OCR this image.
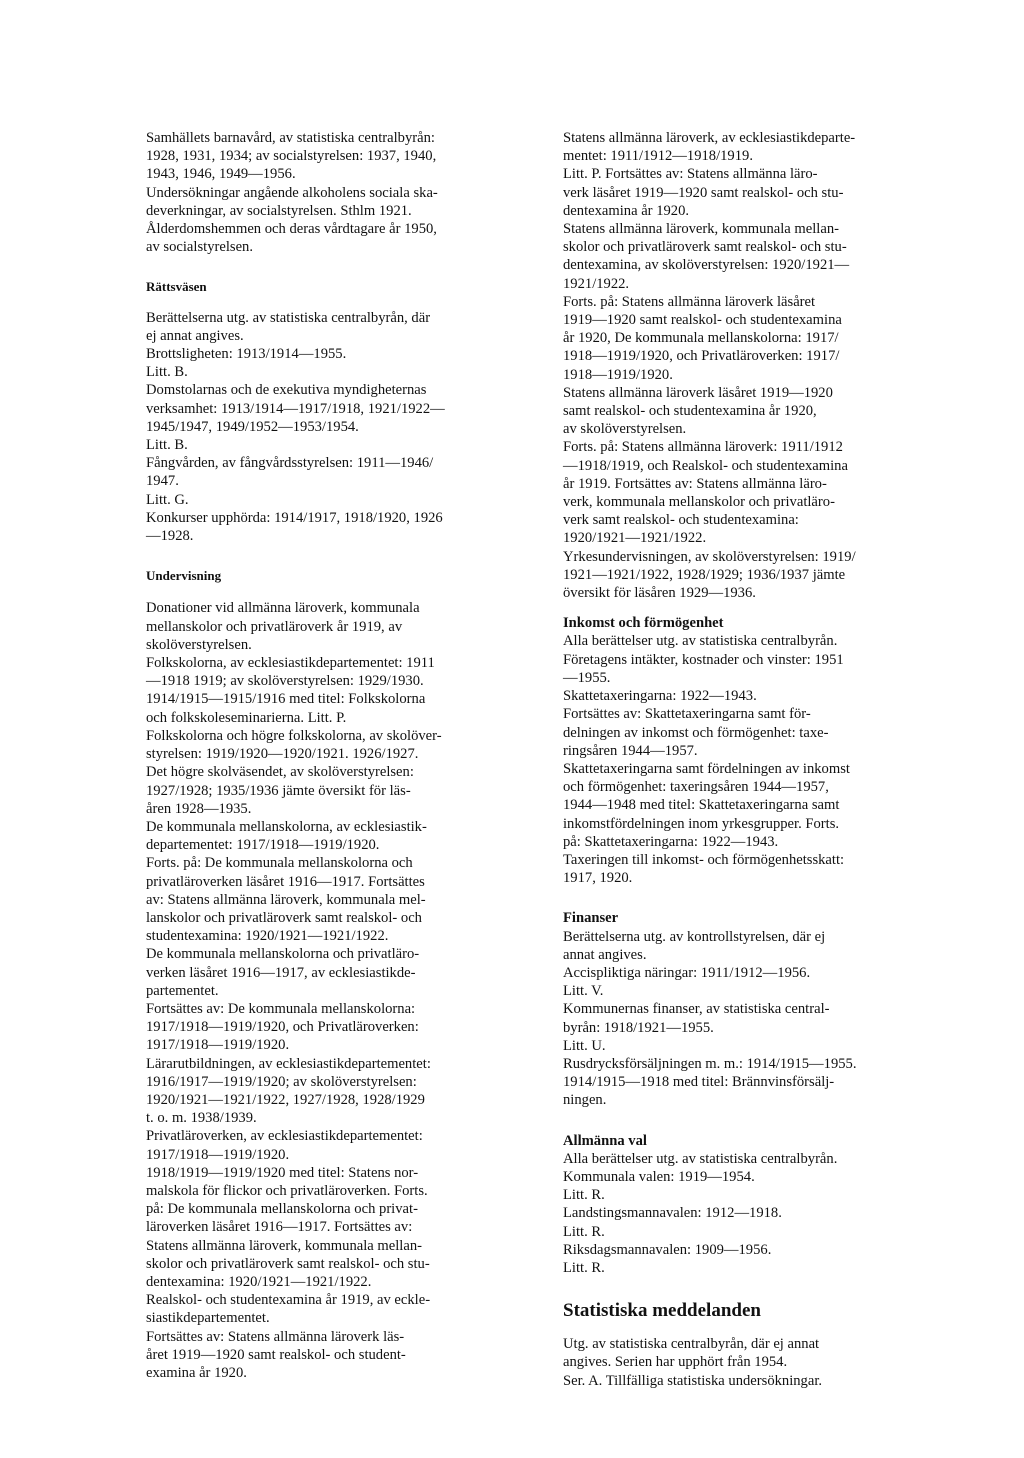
Samhällets barnavård, av statistiska centralbyrån:
1928, 1931, 1934; av socialstyrelsen: 1937, 1940,
1943, 1946, 1949—1956.

Undersökningar angående alkoholens sociala ska-
deverkningar, av socialstyrelsen. Sthlm 1921.

Ålderdomshemmen och deras vårdtagare år 1950,
av socialstyrelsen.

Rättsväsen

Berättelserna utg. av statistiska centralbyrån, där
ej annat angives.

Brottsligheten: 1913/1914—1955.

Litt. B.

Domstolarnas och de exekutiva myndigheternas
verksamhet: 1913/1914—1917/1918, 1921/1922—
1945/1947, 1949/1952—1953/1954.

Litt. B.

Fångvården, av fångvårdsstyrelsen: 1911—1946/
1947.

Litt. G.

Konkurser upphörda: 1914/1917, 1918/1920, 1926
—1928.

Undervisning

Donationer vid allmänna läroverk, kommunala
mellanskolor och privatläroverk år 1919, av
skolöverstyrelsen.

Folkskolorna, av ecklesiastikdepartementet: 1911
—1918 1919; av skolöverstyrelsen: 1929/1930.

1914/1915—1915/1916 med titel: Folkskolorna
och folkskoleseminarierna. Litt. P.

Folkskolorna och högre folkskolorna, av skolöver-
styrelsen: 1919/1920—1920/1921. 1926/1927.

Det högre skolväsendet, av skolöverstyrelsen:
1927/1928; 1935/1936 jämte översikt för läs-
åren 1928—1935.

De kommunala mellanskolorna, av ecklesiastik-
departementet: 1917/1918—1919/1920.

Forts. på: De kommunala mellanskolorna och
privatläroverken läsåret 1916—1917. Fortsättes
av: Statens allmänna läroverk, kommunala mel-
lanskolor och privatläroverk samt realskol- och
studentexamina: 1920/1921—1921/1922.

De kommunala mellanskolorna och privatläro-
verken läsåret 1916—1917, av ecklesiastikde-
partementet.

Fortsättes av: De kommunala mellanskolorna:
1917/1918—1919/1920, och Privatläroverken:
1917/1918—1919/1920.

Lärarutbildningen, av ecklesiastikdepartementet:
1916/1917—1919/1920; av skolöverstyrelsen:
1920/1921—1921/1922, 1927/1928, 1928/1929
t. o. m. 1938/1939.

Privatläroverken, av ecklesiastikdepartementet:
1917/1918—1919/1920.

1918/1919—1919/1920 med titel: Statens nor-
malskola för flickor och privatläroverken. Forts.
på: De kommunala mellanskolorna och privat-
läroverken läsåret 1916—1917. Fortsättes av:
Statens allmänna läroverk, kommunala mellan-
skolor och privatläroverk samt realskol- och stu-
dentexamina: 1920/1921—1921/1922.

Realskol- och studentexamina år 1919, av eckle-
siastikdepartementet.

Fortsättes av: Statens allmänna läroverk läs-
året 1919—1920 samt realskol- och student-
examina år 1920.

Statens allmänna läroverk, av ecklesiastikdeparte-
mentet: 1911/1912—1918/1919.

Litt. P. Fortsättes av: Statens allmänna läro-
verk läsåret 1919—1920 samt realskol- och stu-
dentexamina år 1920.

Statens allmänna läroverk, kommunala mellan-
skolor och privatläroverk samt realskol- och stu-
dentexamina, av skolöverstyrelsen: 1920/1921—
1921/1922.

Forts. på: Statens allmänna läroverk läsåret
1919—1920 samt realskol- och studentexamina
år 1920, De kommunala mellanskolorna: 1917/
1918—1919/1920, och Privatläroverken: 1917/
1918—1919/1920.

Statens allmänna läroverk läsåret 1919—1920
samt realskol- och studentexamina år 1920,
av skolöverstyrelsen.

Forts. på: Statens allmänna läroverk: 1911/1912
—1918/1919, och Realskol- och studentexamina
år 1919. Fortsättes av: Statens allmänna läro-
verk, kommunala mellanskolor och privatläro-
verk samt realskol- och studentexamina:
1920/1921—1921/1922.

Yrkesundervisningen, av skolöverstyrelsen: 1919/
1921—1921/1922, 1928/1929; 1936/1937 jämte
översikt för läsåren 1929—1936.

Inkomst och förmögenhet

Alla berättelser utg. av statistiska centralbyrån.

Företagens intäkter, kostnader och vinster: 1951
—1955.

Skattetaxeringarna: 1922—1943.

Fortsättes av: Skattetaxeringarna samt för-
delningen av inkomst och förmögenhet: taxe-
ringsåren 1944—1957.

Skattetaxeringarna samt fördelningen av inkomst
och förmögenhet: taxeringsåren 1944—1957,

1944—1948 med titel: Skattetaxeringarna samt
inkomstfördelningen inom yrkesgrupper. Forts.
på: Skattetaxeringarna: 1922—1943.

Taxeringen till inkomst- och förmögenhetsskatt:
1917, 1920.

Finanser

Berättelserna utg. av kontrollstyrelsen, där ej
annat angives.

Accispliktiga näringar: 1911/1912—1956.

Litt. V.

Kommunernas finanser, av statistiska central-
byrån: 1918/1921—1955.

Litt. U.

Rusdrycksförsäljningen m. m.: 1914/1915—1955.

1914/1915—1918 med titel: Brännvinsförsälj-
ningen.

Allmänna val

Alla berättelser utg. av statistiska centralbyrån.

Kommunala valen: 1919—1954.

Litt. R.

Landstingsmannavalen: 1912—1918.

Litt. R.

Riksdagsmannavalen: 1909—1956.

Litt. R.

Statistiska meddelanden

Utg. av statistiska centralbyrån, där ej annat
angives. Serien har upphört från 1954.
Ser. A. Tillfälliga statistiska undersökningar.
